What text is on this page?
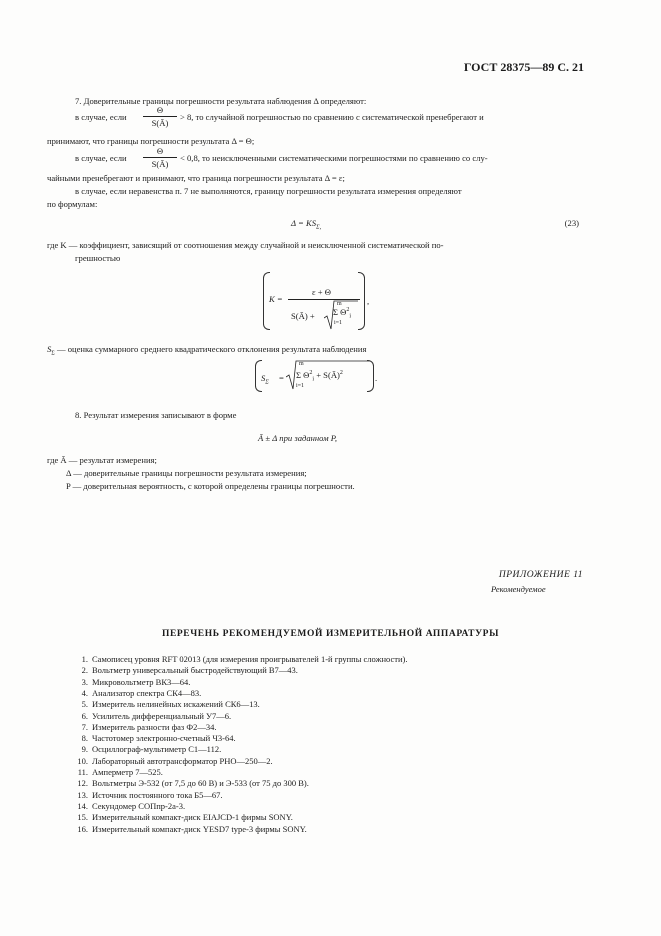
ГОСТ 28375—89 С. 21
7. Доверительные границы погрешности результата наблюдения Δ определяют:
в случае, если $\frac{\Theta}{S(Ā)} > 8$, то случайной погрешностью по сравнению с систематической пренебрегают и
принимают, что границы погрешности результата Δ = Θ;
в случае, если $\frac{\Theta}{S(Ā)} < 0,8$, то неисключенными систематическими погрешностями по сравнению со слу-
чайными пренебрегают и принимают, что граница погрешности результата Δ = ε;
в случае, если неравенства п. 7 не выполняются, границу погрешности результата измерения определяют
по формулам:
$\Delta = KS_{\Sigma,}$	(23)
где K — коэффициент, зависящий от соотношения между случайной и неисключенной систематической по-
грешностью
K =
ε + Θ
S(Ā) +
m
Σ $\Theta^2_i$
i=1
,
$S_\Sigma$ — оценка суммарного среднего квадратического отклонения результата наблюдения
$S_\Sigma$ =
m
Σ $\Theta^2_i$ + S(Ā)$^2$
i=1
.
8. Результат измерения записывают в форме
Ā ± Δ при заданном P,
где Ā — результат измерения;
Δ — доверительные границы погрешности результата измерения;
P — доверительная вероятность, с которой определены границы погрешности.
ПРИЛОЖЕНИЕ 11
Рекомендуемое
ПЕРЕЧЕНЬ РЕКОМЕНДУЕМОЙ ИЗМЕРИТЕЛЬНОЙ АППАРАТУРЫ
1. Самописец уровня RFT 02013 (для измерения проигрывателей 1-й группы сложности).
2. Вольтметр универсальный быстродействующий В7—43.
3. Микровольтметр ВК3—64.
4. Анализатор спектра СК4—83.
5. Измеритель нелинейных искажений СК6—13.
6. Усилитель дифференциальный У7—6.
7. Измеритель разности фаз Ф2—34.
8. Частотомер электронно-счетный Ч3-64.
9. Осциллограф-мультиметр С1—112.
10. Лабораторный автотрансформатор РНО—250—2.
11. Амперметр 7—525.
12. Вольтметры Э-532 (от 7,5 до 60 В) и Э-533 (от 75 до 300 В).
13. Источник постоянного тока Б5—67.
14. Секундомер СОПпр-2а-3.
15. Измерительный компакт-диск EIAJCD-1 фирмы SONY.
16. Измерительный компакт-диск YESD7 type-3 фирмы SONY.
